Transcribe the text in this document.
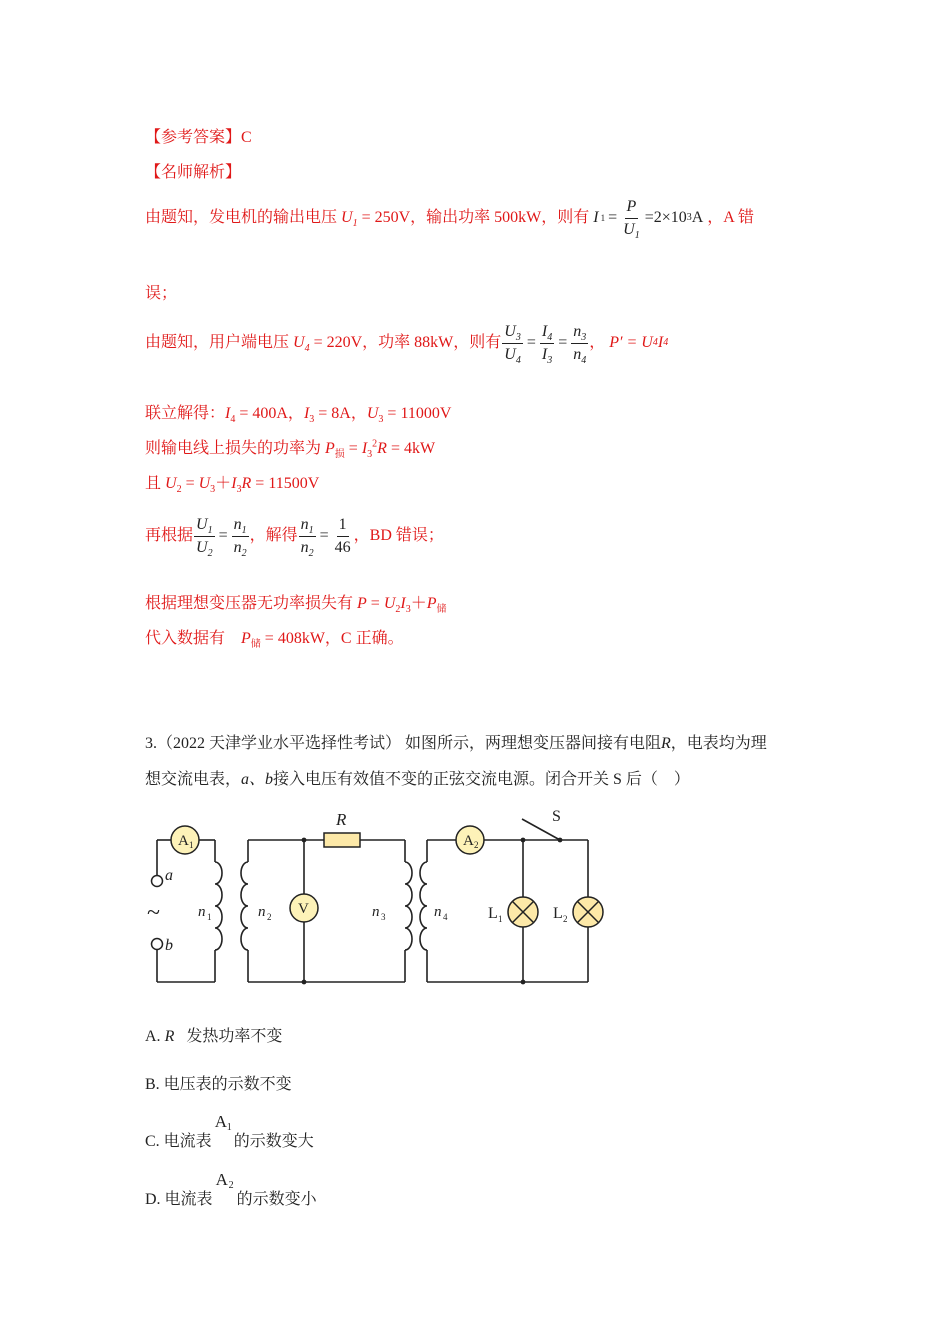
【参考答案】C
【名师解析】
由题知，发电机的输出电压 $U_1 = 250V$ ，输出功率 500kW，则有 I $1 = \frac{P}{U_1} =2\times 10$ 3 A ，A 错
误；
由题知，用户端电压 $U_4 = 220V$ ，功率 88kW，则有 $\frac{U_3}{U_4} = \frac{I_4}{I_3} = \frac{n_3}{n_4}$ ， P′ = U 4 I 4
联立解得：$I_4 = 400A$，$I_3 = 8A$，$U_3 = 11000V$
则输电线上损失的功率为 $P_损 = I_3^2R = 4kW$
且 $U_2 = U_3+I_3R = 11500V$
再根据 $\frac{U_1}{U_2} = \frac{n_1}{n_2}$ ，解得 $\frac{n_1}{n_2} = \frac{1}{46}$ ，BD 错误；
根据理想变压器无功率损失有 $P = U_2I_3+P_储$
代入数据有 $P_储 = 408kW$，C 正确。
3.（2022 天津学业水平选择性考试） 如图所示，两理想变压器间接有电阻R，电表均为理
想交流电表，a、b接入电压有效值不变的正弦交流电源。闭合开关 S 后（　）
A 1	A 2
V
R	S
a
b
~	n 1	n 2	n 3	n 4	L 1	L 2
A. R 发热功率不变
B. 电压表的示数不变
C. 电流表
A 1
的示数变大
D. 电流表
A 2
的示数变小
